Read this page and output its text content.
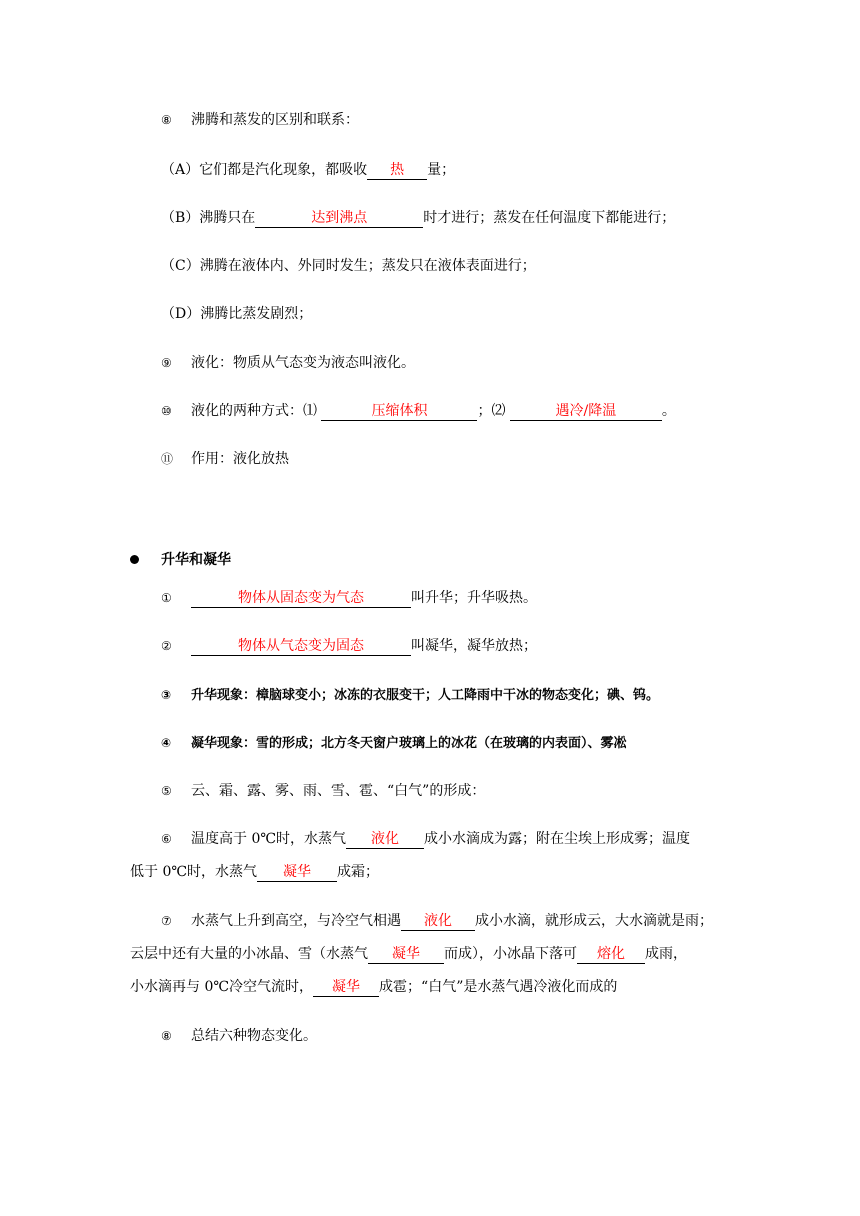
⑧ 沸腾和蒸发的区别和联系：
（A）它们都是汽化现象，都吸收 热 量；
（B）沸腾只在	达到沸点	时才进行；蒸发在任何温度下都能进行；
（C）沸腾在液体内、外同时发生；蒸发只在液体表面进行；
（D）沸腾比蒸发剧烈；
⑨ 液化：物质从气态变为液态叫液化。
⑩ 液化的两种方式：⑴	压缩体积	；⑵	遇冷/降温	。
⑪ 作用：液化放热
升华和凝华
①	物体从固态变为气态	叫升华；升华吸热。
②	物体从气态变为固态	叫凝华，凝华放热；
③ 升华现象：樟脑球变小；冰冻的衣服变干；人工降雨中干冰的物态变化；碘、钨。
④ 凝华现象：雪的形成；北方冬天窗户玻璃上的冰花（在玻璃的内表面）、雾凇
⑤ 云、霜、露、雾、雨、雪、雹、“白气”的形成：
⑥ 温度高于 0℃时，水蒸气 液化 成小水滴成为露；附在尘埃上形成雾；温度
低于 0℃时，水蒸气 凝华 成霜；
⑦ 水蒸气上升到高空，与冷空气相遇 液化 成小水滴，就形成云，大水滴就是雨；
云层中还有大量的小冰晶、雪（水蒸气 凝华 而成），小冰晶下落可 熔化 成雨，
小水滴再与 0℃冷空气流时， 凝华 成雹；“白气”是水蒸气遇冷液化而成的
⑧ 总结六种物态变化。
